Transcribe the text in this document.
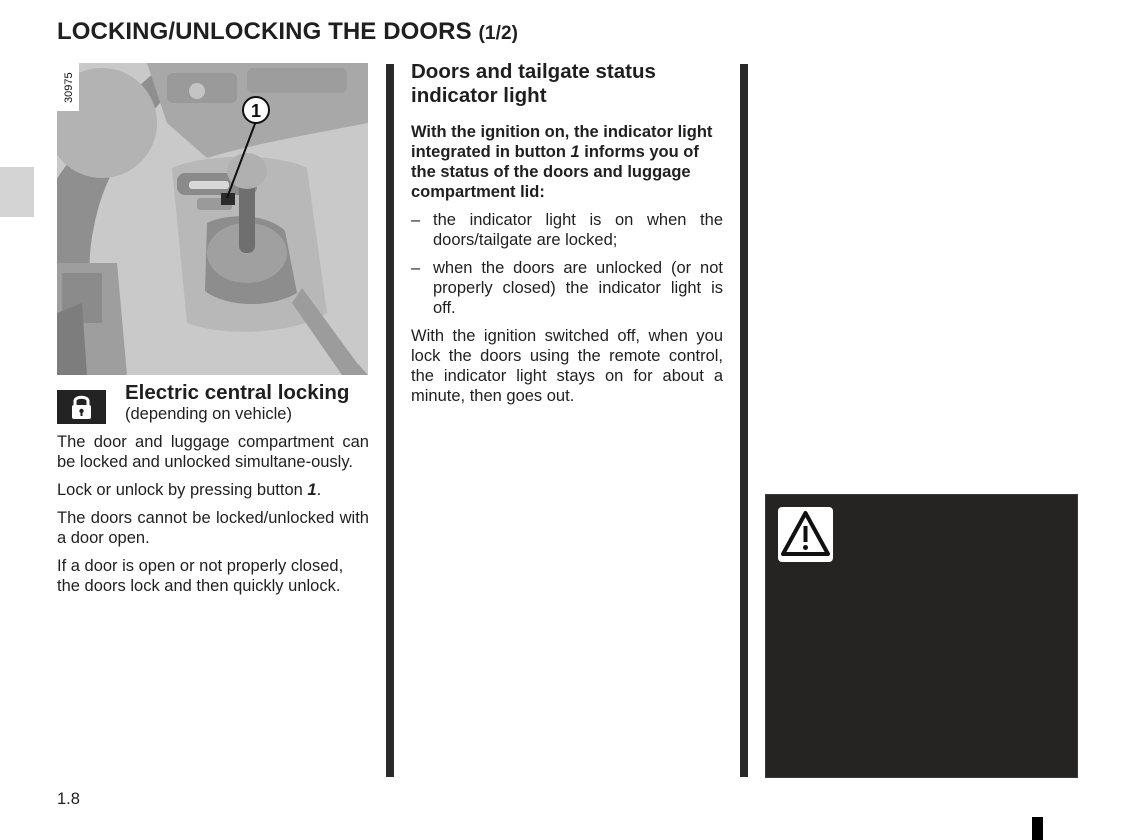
LOCKING/UNLOCKING THE DOORS (1/2)
1
30975
Electric central locking
(depending on vehicle)

The door and luggage compartment can be locked and unlocked simultane-ously.

Lock or unlock by pressing button 1.

The doors cannot be locked/unlocked with a door open.

If a door is open or not properly closed, the doors lock and then quickly unlock.

Doors and tailgate status indicator light

With the ignition on, the indicator light integrated in button 1 informs you of the status of the doors and luggage compartment lid:

– the indicator light is on when the doors/tailgate are locked;
– when the doors are unlocked (or not properly closed) the indicator light is off.

With the ignition switched off, when you lock the doors using the remote control, the indicator light stays on for about a minute, then goes out.

1.8
